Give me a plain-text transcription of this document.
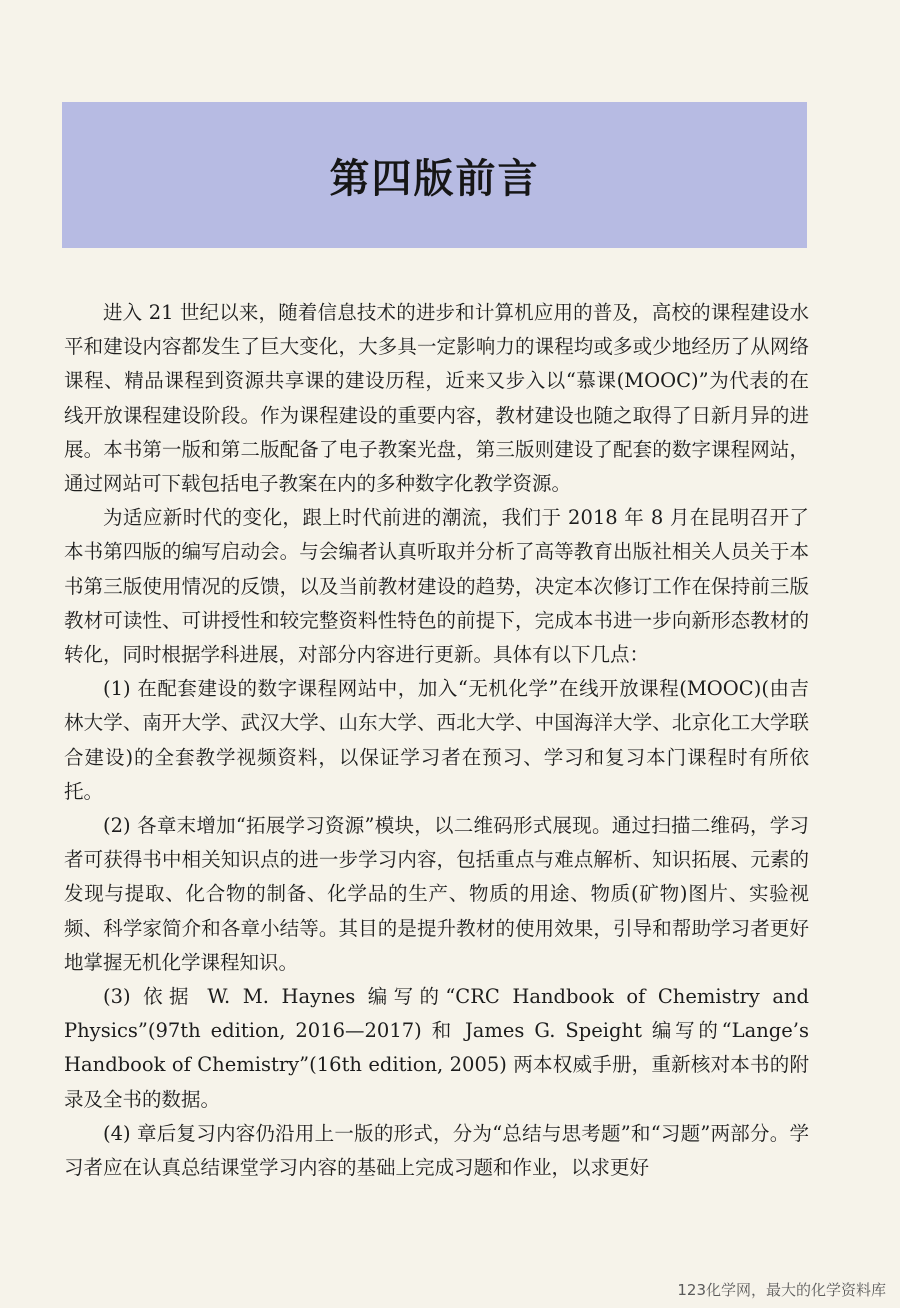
第四版前言

进入 21 世纪以来，随着信息技术的进步和计算机应用的普及，高校的课程建设水平和建设内容都发生了巨大变化，大多具一定影响力的课程均或多或少地经历了从网络课程、精品课程到资源共享课的建设历程，近来又步入以“慕课(MOOC)”为代表的在线开放课程建设阶段。作为课程建设的重要内容，教材建设也随之取得了日新月异的进展。本书第一版和第二版配备了电子教案光盘，第三版则建设了配套的数字课程网站，通过网站可下载包括电子教案在内的多种数字化教学资源。

为适应新时代的变化，跟上时代前进的潮流，我们于 2018 年 8 月在昆明召开了本书第四版的编写启动会。与会编者认真听取并分析了高等教育出版社相关人员关于本书第三版使用情况的反馈，以及当前教材建设的趋势，决定本次修订工作在保持前三版教材可读性、可讲授性和较完整资料性特色的前提下，完成本书进一步向新形态教材的转化，同时根据学科进展，对部分内容进行更新。具体有以下几点：

(1) 在配套建设的数字课程网站中，加入“无机化学”在线开放课程(MOOC)(由吉林大学、南开大学、武汉大学、山东大学、西北大学、中国海洋大学、北京化工大学联合建设)的全套教学视频资料，以保证学习者在预习、学习和复习本门课程时有所依托。

(2) 各章末增加“拓展学习资源”模块，以二维码形式展现。通过扫描二维码，学习者可获得书中相关知识点的进一步学习内容，包括重点与难点解析、知识拓展、元素的发现与提取、化合物的制备、化学品的生产、物质的用途、物质(矿物)图片、实验视频、科学家简介和各章小结等。其目的是提升教材的使用效果，引导和帮助学习者更好地掌握无机化学课程知识。

(3) 依据 W. M. Haynes 编写的“CRC Handbook of Chemistry and Physics”(97th edition, 2016—2017) 和 James G. Speight 编写的“Lange’s Handbook of Chemistry”(16th edition, 2005) 两本权威手册，重新核对本书的附录及全书的数据。

(4) 章后复习内容仍沿用上一版的形式，分为“总结与思考题”和“习题”两部分。学习者应在认真总结课堂学习内容的基础上完成习题和作业，以求更好

123化学网，最大的化学资料库
